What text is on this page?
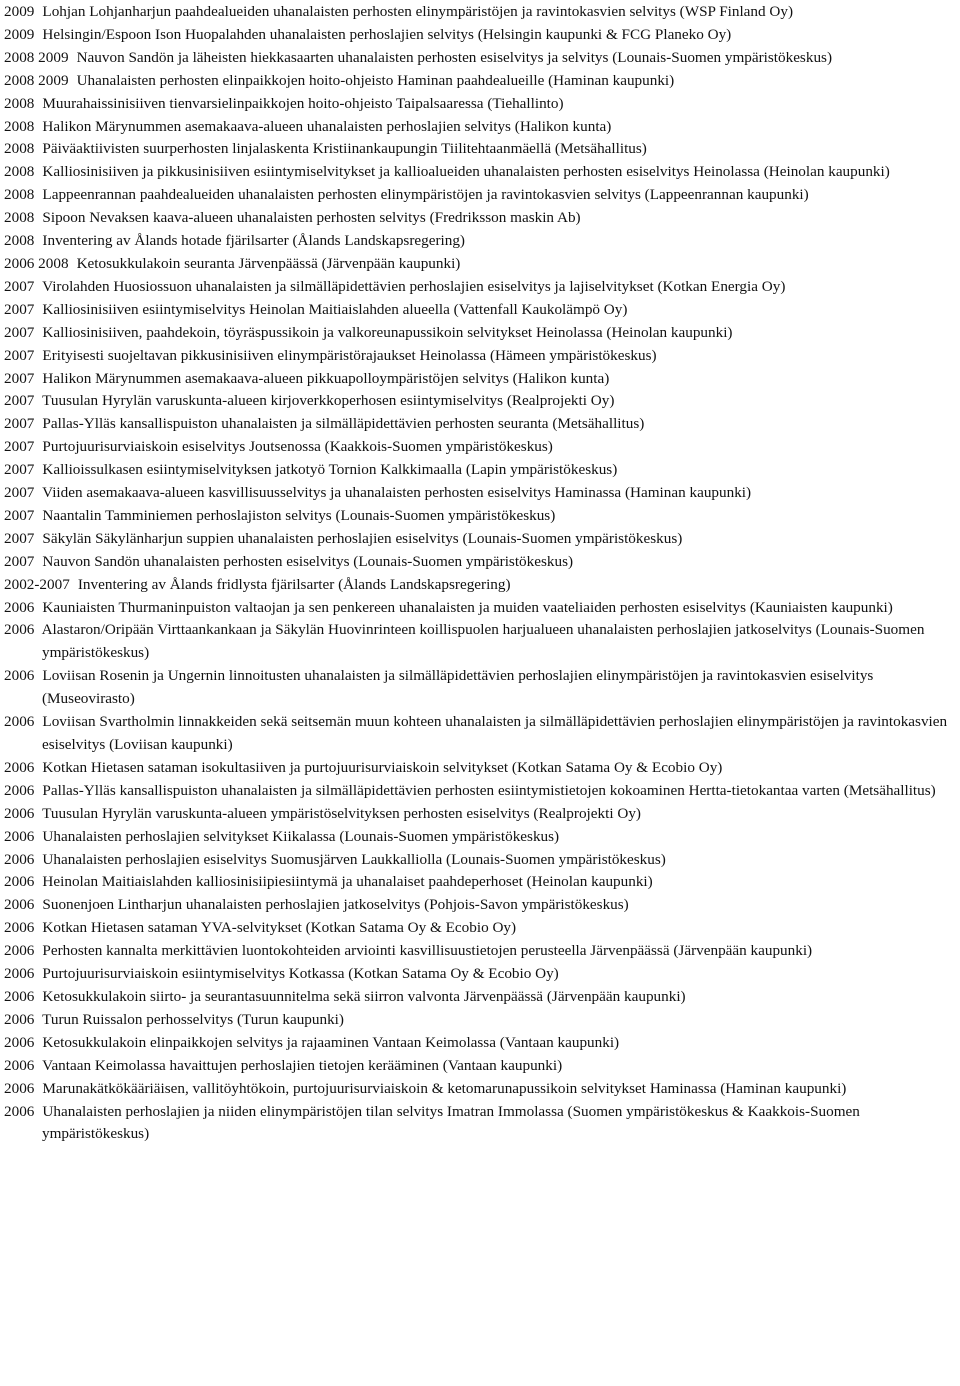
2009 Lohjan Lohjanharjun paahdealueiden uhanalaisten perhosten elinympäristöjen ja ravintokasvien selvitys (WSP Finland Oy)

2009 Helsingin/Espoon Ison Huopalahden uhanalaisten perhoslajien selvitys (Helsingin kaupunki & FCG Planeko Oy)

2008 2009 Nauvon Sandön ja läheisten hiekkasaarten uhanalaisten perhosten esiselvitys ja selvitys (Lounais-Suomen ympäristökeskus)

2008 2009 Uhanalaisten perhosten elinpaikkojen hoito-ohjeisto Haminan paahdealueille (Haminan kaupunki)

2008 Muurahaissinisiiven tienvarsielinpaikkojen hoito-ohjeisto Taipalsaaressa (Tiehallinto)

2008 Halikon Märynummen asemakaava-alueen uhanalaisten perhoslajien selvitys (Halikon kunta)

2008 Päiväaktiivisten suurperhosten linjalaskenta Kristiinankaupungin Tiilitehtaanmäellä (Metsähallitus)

2008 Kalliosinisiiven ja pikkusinisiiven esiintymiselvitykset ja kallioalueiden uhanalaisten perhosten esiselvitys Heinolassa (Heinolan kaupunki)

2008 Lappeenrannan paahdealueiden uhanalaisten perhosten elinympäristöjen ja ravintokasvien selvitys (Lappeenrannan kaupunki)

2008 Sipoon Nevaksen kaava-alueen uhanalaisten perhosten selvitys (Fredriksson maskin Ab)

2008 Inventering av Ålands hotade fjärilsarter (Ålands Landskapsregering)

2006 2008 Ketosukkulakoin seuranta Järvenpäässä (Järvenpään kaupunki)

2007 Virolahden Huosiossuon uhanalaisten ja silmälläpidettävien perhoslajien esiselvitys ja lajiselvitykset (Kotkan Energia Oy)

2007 Kalliosinisiiven esiintymiselvitys Heinolan Maitiaislahden alueella (Vattenfall Kaukolämpö Oy)

2007 Kalliosinisiiven, paahdekoin, töyräspussikoin ja valkoreunapussikoin selvitykset Heinolassa (Heinolan kaupunki)

2007 Erityisesti suojeltavan pikkusinisiiven elinympäristörajaukset Heinolassa (Hämeen ympäristökeskus)

2007 Halikon Märynummen asemakaava-alueen pikkuapolloympäristöjen selvitys (Halikon kunta)

2007 Tuusulan Hyrylän varuskunta-alueen kirjoverkkoperhosen esiintymiselvitys (Realprojekti Oy)

2007 Pallas-Ylläs kansallispuiston uhanalaisten ja silmälläpidettävien perhosten seuranta (Metsähallitus)

2007 Purtojuurisurviaiskoin esiselvitys Joutsenossa (Kaakkois-Suomen ympäristökeskus)

2007 Kallioissulkasen esiintymiselvityksen jatkotyö Tornion Kalkkimaalla (Lapin ympäristökeskus)

2007 Viiden asemakaava-alueen kasvillisuusselvitys ja uhanalaisten perhosten esiselvitys Haminassa (Haminan kaupunki)

2007 Naantalin Tamminiemen perhoslajiston selvitys (Lounais-Suomen ympäristökeskus)

2007 Säkylän Säkylänharjun suppien uhanalaisten perhoslajien esiselvitys (Lounais-Suomen ympäristökeskus)

2007 Nauvon Sandön uhanalaisten perhosten esiselvitys (Lounais-Suomen ympäristökeskus)

2002-2007 Inventering av Ålands fridlysta fjärilsarter (Ålands Landskapsregering)

2006 Kauniaisten Thurmaninpuiston valtaojan ja sen penkereen uhanalaisten ja muiden vaateliaiden perhosten esiselvitys (Kauniaisten kaupunki)

2006 Alastaron/Oripään Virttaankankaan ja Säkylän Huovinrinteen koillispuolen harjualueen uhanalaisten perhoslajien jatkoselvitys (Lounais-Suomen ympäristökeskus)

2006 Loviisan Rosenin ja Ungernin linnoitusten uhanalaisten ja silmälläpidettävien perhoslajien elinympäristöjen ja ravintokasvien esiselvitys (Museovirasto)

2006 Loviisan Svartholmin linnakkeiden sekä seitsemän muun kohteen uhanalaisten ja silmälläpidettävien perhoslajien elinympäristöjen ja ravintokasvien esiselvitys (Loviisan kaupunki)

2006 Kotkan Hietasen sataman isokultasiiven ja purtojuurisurviaiskoin selvitykset (Kotkan Satama Oy & Ecobio Oy)

2006 Pallas-Ylläs kansallispuiston uhanalaisten ja silmälläpidettävien perhosten esiintymistietojen kokoaminen Hertta-tietokantaa varten (Metsähallitus)

2006 Tuusulan Hyrylän varuskunta-alueen ympäristöselvityksen perhosten esiselvitys (Realprojekti Oy)

2006 Uhanalaisten perhoslajien selvitykset Kiikalassa (Lounais-Suomen ympäristökeskus)

2006 Uhanalaisten perhoslajien esiselvitys Suomusjärven Laukkalliolla (Lounais-Suomen ympäristökeskus)

2006 Heinolan Maitiaislahden kalliosinisiipiesiintymä ja uhanalaiset paahdeperhoset (Heinolan kaupunki)

2006 Suonenjoen Lintharjun uhanalaisten perhoslajien jatkoselvitys (Pohjois-Savon ympäristökeskus)

2006 Kotkan Hietasen sataman YVA-selvitykset (Kotkan Satama Oy & Ecobio Oy)

2006 Perhosten kannalta merkittävien luontokohteiden arviointi kasvillisuustietojen perusteella Järvenpäässä (Järvenpään kaupunki)

2006 Purtojuurisurviaiskoin esiintymiselvitys Kotkassa (Kotkan Satama Oy & Ecobio Oy)

2006 Ketosukkulakoin siirto- ja seurantasuunnitelma sekä siirron valvonta Järvenpäässä (Järvenpään kaupunki)

2006 Turun Ruissalon perhosselvitys (Turun kaupunki)

2006 Ketosukkulakoin elinpaikkojen selvitys ja rajaaminen Vantaan Keimolassa (Vantaan kaupunki)

2006 Vantaan Keimolassa havaittujen perhoslajien tietojen kerääminen (Vantaan kaupunki)

2006 Marunakätkökääriäisen, vallitöyhtökoin, purtojuurisurviaiskoin & ketomarunapussikoin selvitykset Haminassa (Haminan kaupunki)

2006 Uhanalaisten perhoslajien ja niiden elinympäristöjen tilan selvitys Imatran Immolassa (Suomen ympäristökeskus & Kaakkois-Suomen ympäristökeskus)
